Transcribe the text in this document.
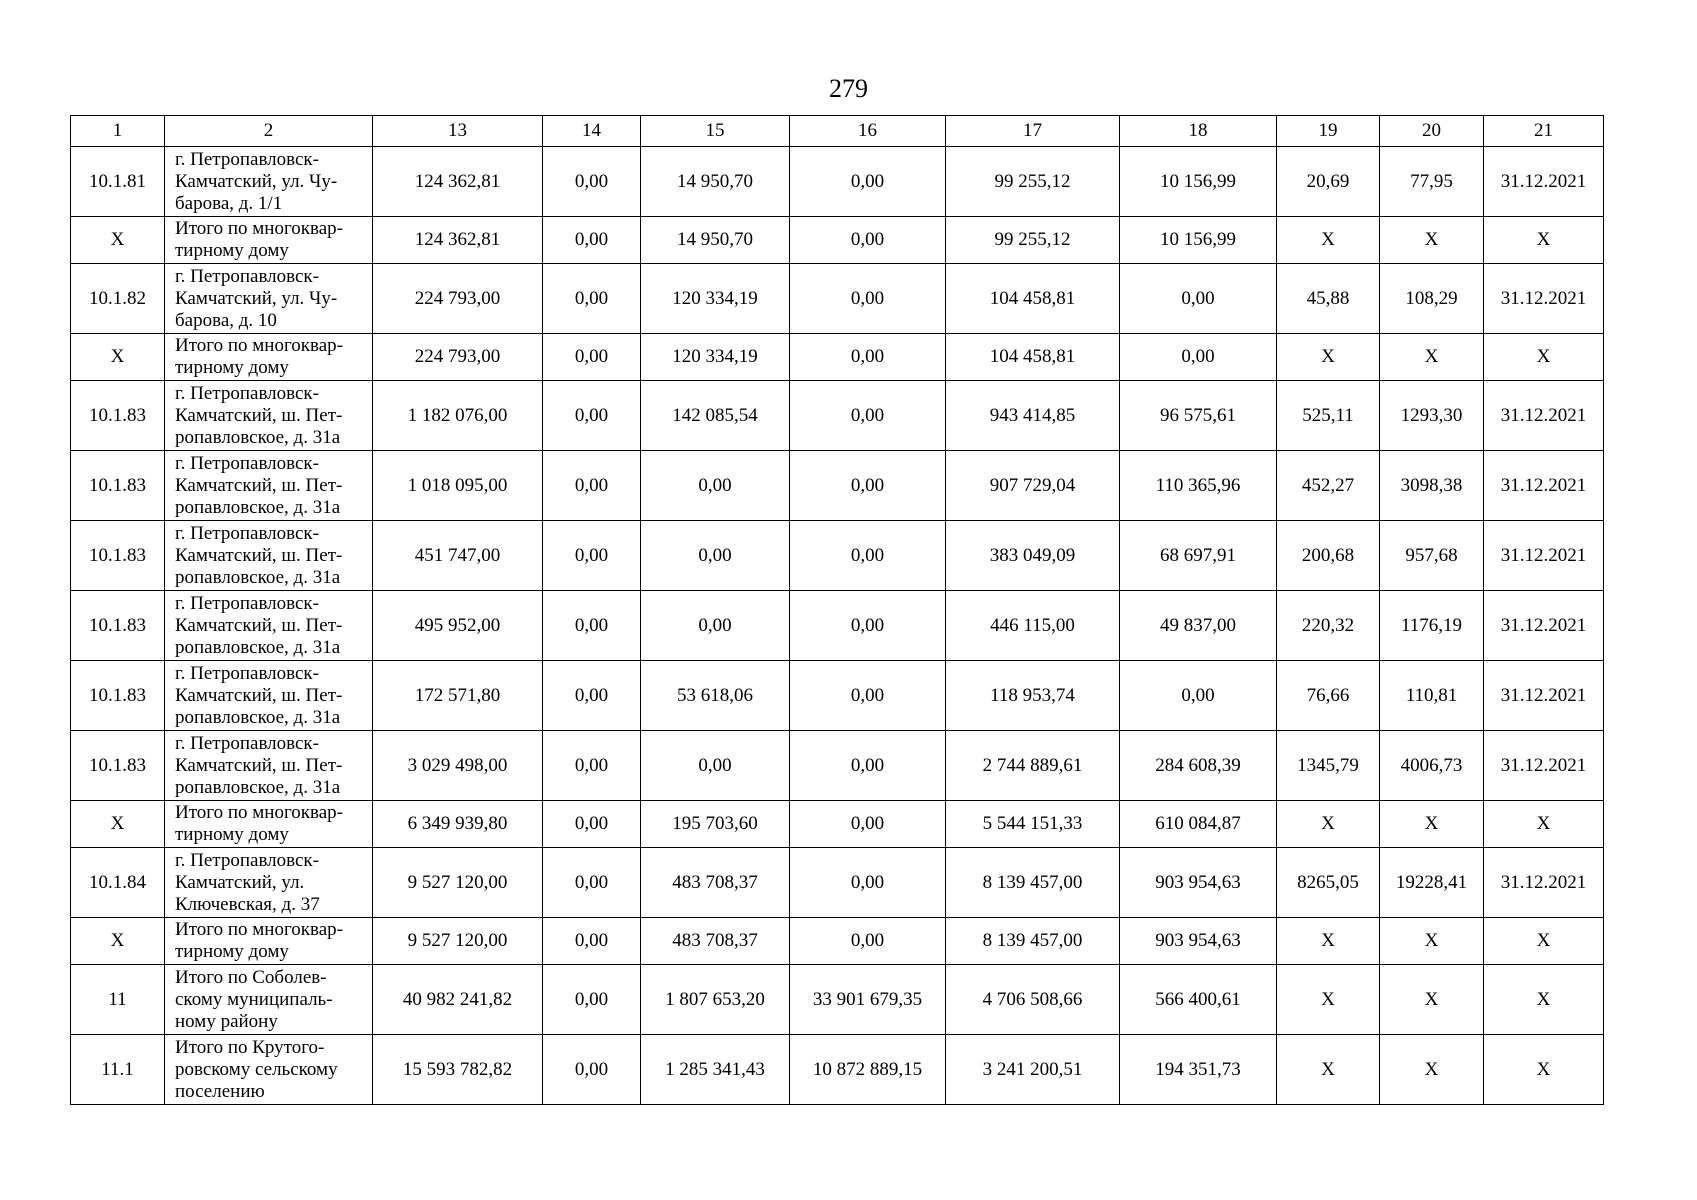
279
1	2	13	14	15	16	17	18	19	20	21
10.1.81	г. Петропавловск-Камчатский, ул. Чу-барова, д. 1/1	124 362,81	0,00	14 950,70	0,00	99 255,12	10 156,99	20,69	77,95	31.12.2021
Х	Итого по многоквар-тирному дому	124 362,81	0,00	14 950,70	0,00	99 255,12	10 156,99	Х	Х	Х
10.1.82	г. Петропавловск-Камчатский, ул. Чу-барова, д. 10	224 793,00	0,00	120 334,19	0,00	104 458,81	0,00	45,88	108,29	31.12.2021
Х	Итого по многоквар-тирному дому	224 793,00	0,00	120 334,19	0,00	104 458,81	0,00	Х	Х	Х
10.1.83	г. Петропавловск-Камчатский, ш. Пет-ропавловское, д. 31а	1 182 076,00	0,00	142 085,54	0,00	943 414,85	96 575,61	525,11	1293,30	31.12.2021
10.1.83	г. Петропавловск-Камчатский, ш. Пет-ропавловское, д. 31а	1 018 095,00	0,00	0,00	0,00	907 729,04	110 365,96	452,27	3098,38	31.12.2021
10.1.83	г. Петропавловск-Камчатский, ш. Пет-ропавловское, д. 31а	451 747,00	0,00	0,00	0,00	383 049,09	68 697,91	200,68	957,68	31.12.2021
10.1.83	г. Петропавловск-Камчатский, ш. Пет-ропавловское, д. 31а	495 952,00	0,00	0,00	0,00	446 115,00	49 837,00	220,32	1176,19	31.12.2021
10.1.83	г. Петропавловск-Камчатский, ш. Пет-ропавловское, д. 31а	172 571,80	0,00	53 618,06	0,00	118 953,74	0,00	76,66	110,81	31.12.2021
10.1.83	г. Петропавловск-Камчатский, ш. Пет-ропавловское, д. 31а	3 029 498,00	0,00	0,00	0,00	2 744 889,61	284 608,39	1345,79	4006,73	31.12.2021
Х	Итого по многоквар-тирному дому	6 349 939,80	0,00	195 703,60	0,00	5 544 151,33	610 084,87	Х	Х	Х
10.1.84	г. Петропавловск-Камчатский, ул. Ключевская, д. 37	9 527 120,00	0,00	483 708,37	0,00	8 139 457,00	903 954,63	8265,05	19228,41	31.12.2021
Х	Итого по многоквар-тирному дому	9 527 120,00	0,00	483 708,37	0,00	8 139 457,00	903 954,63	Х	Х	Х
11	Итого по Соболев-скому муниципаль-ному району	40 982 241,82	0,00	1 807 653,20	33 901 679,35	4 706 508,66	566 400,61	Х	Х	Х
11.1	Итого по Крутого-ровскому сельскому поселению	15 593 782,82	0,00	1 285 341,43	10 872 889,15	3 241 200,51	194 351,73	Х	Х	Х
